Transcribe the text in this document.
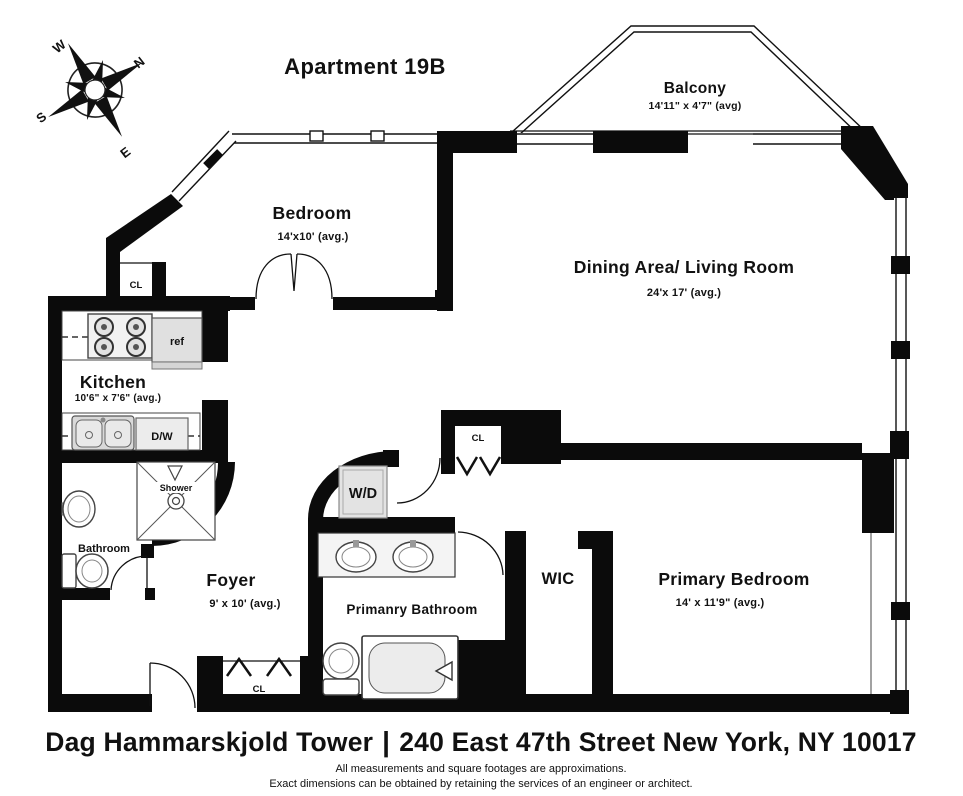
ref
D/W
Shower	W/D
W
N
S
E
Apartment 19B
Balcony
14'11" x 4'7" (avg)
Bedroom
14'x10' (avg.)
Dining Area/ Living Room
24'x 17' (avg.)
Kitchen
10'6" x 7'6" (avg.)
Bathroom
Foyer
9' x 10' (avg.)	Primanry Bathroom
WIC	Primary Bedroom
14' x 11'9" (avg.)
CL
CL
CL
Dag Hammarskjold Tower | 240 East 47th Street New York, NY 10017
All measurements and square footages are approximations.
Exact dimensions can be obtained by retaining the services of an engineer or architect.
